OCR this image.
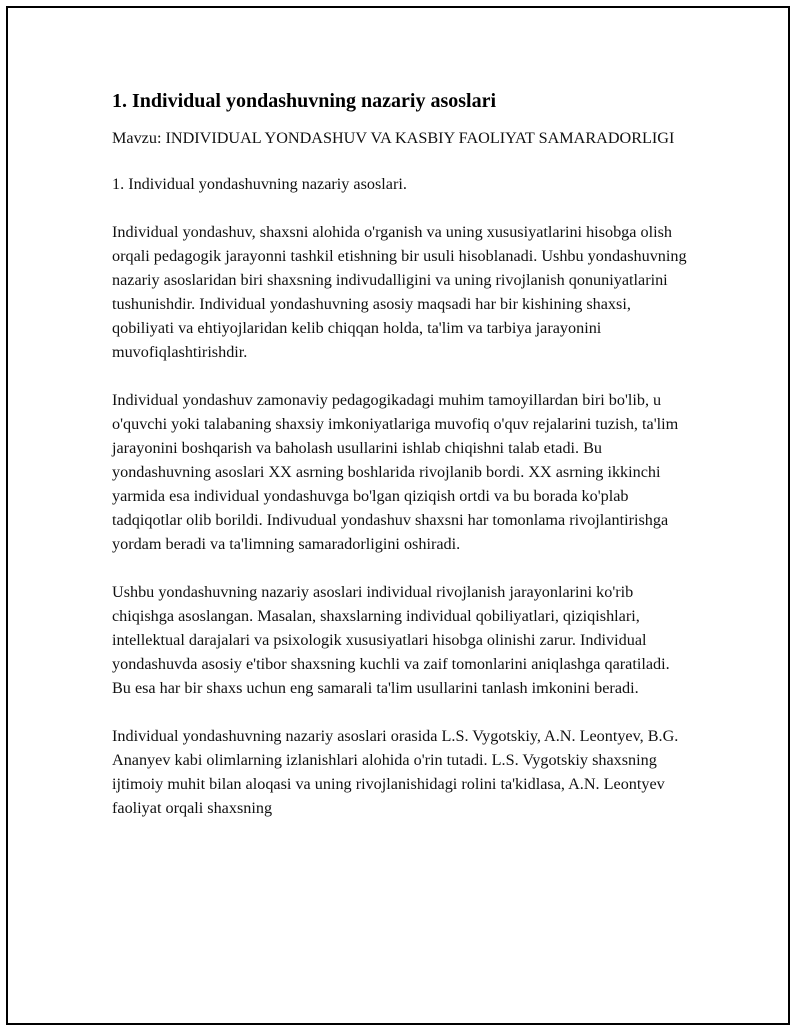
1. Individual yondashuvning nazariy asoslari
Mavzu: INDIVIDUAL YONDASHUV VA KASBIY FAOLIYAT SAMARADORLIGI
1. Individual yondashuvning nazariy asoslari.
Individual yondashuv, shaxsni alohida o'rganish va uning xususiyatlarini hisobga olish orqali pedagogik jarayonni tashkil etishning bir usuli hisoblanadi. Ushbu yondashuvning nazariy asoslaridan biri shaxsning indivudalligini va uning rivojlanish qonuniyatlarini tushunishdir. Individual yondashuvning asosiy maqsadi har bir kishining shaxsi, qobiliyati va ehtiyojlaridan kelib chiqqan holda, ta'lim va tarbiya jarayonini muvofiqlashtirishdir.
Individual yondashuv zamonaviy pedagogikadagi muhim tamoyillardan biri bo'lib, u o'quvchi yoki talabaning shaxsiy imkoniyatlariga muvofiq o'quv rejalarini tuzish, ta'lim jarayonini boshqarish va baholash usullarini ishlab chiqishni talab etadi. Bu yondashuvning asoslari XX asrning boshlarida rivojlanib bordi. XX asrning ikkinchi yarmida esa individual yondashuvga bo'lgan qiziqish ortdi va bu borada ko'plab tadqiqotlar olib borildi. Indivudual yondashuv shaxsni har tomonlama rivojlantirishga yordam beradi va ta'limning samaradorligini oshiradi.
Ushbu yondashuvning nazariy asoslari individual rivojlanish jarayonlarini ko'rib chiqishga asoslangan. Masalan, shaxslarning individual qobiliyatlari, qiziqishlari, intellektual darajalari va psixologik xususiyatlari hisobga olinishi zarur. Individual yondashuvda asosiy e'tibor shaxsning kuchli va zaif tomonlarini aniqlashga qaratiladi. Bu esa har bir shaxs uchun eng samarali ta'lim usullarini tanlash imkonini beradi.
Individual yondashuvning nazariy asoslari orasida L.S. Vygotskiy, A.N. Leontyev, B.G. Ananyev kabi olimlarning izlanishlari alohida o'rin tutadi. L.S. Vygotskiy shaxsning ijtimoiy muhit bilan aloqasi va uning rivojlanishidagi rolini ta'kidlasa, A.N. Leontyev faoliyat orqali shaxsning
